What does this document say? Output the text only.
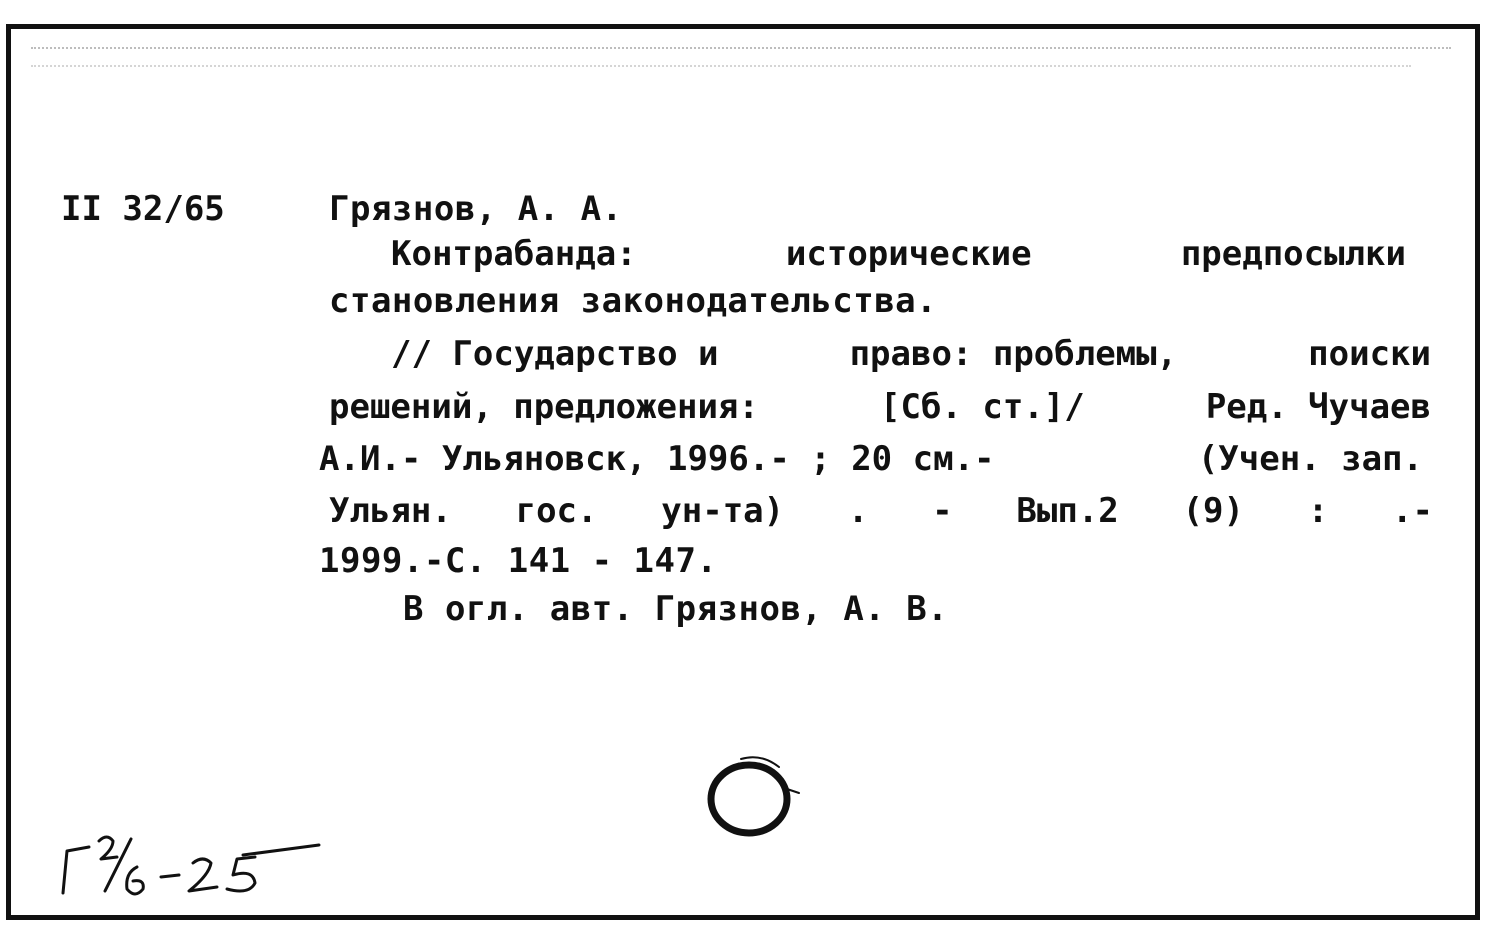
II 32/65	Грязнов, А. А.
Контрабанда:	исторические	предпосылки
становления законодательства.
// Государство и	право: проблемы,	поиски
решений, предложения:	[Сб. ст.]/	Ред. Чучаев
А.И.- Ульяновск, 1996.- ; 20 см.-	(Учен. зап.
Ульян. гос. ун-та) . - Вып.2 (9) : .-
1999.-С. 141 - 147.
В огл. авт. Грязнов, А. В.
